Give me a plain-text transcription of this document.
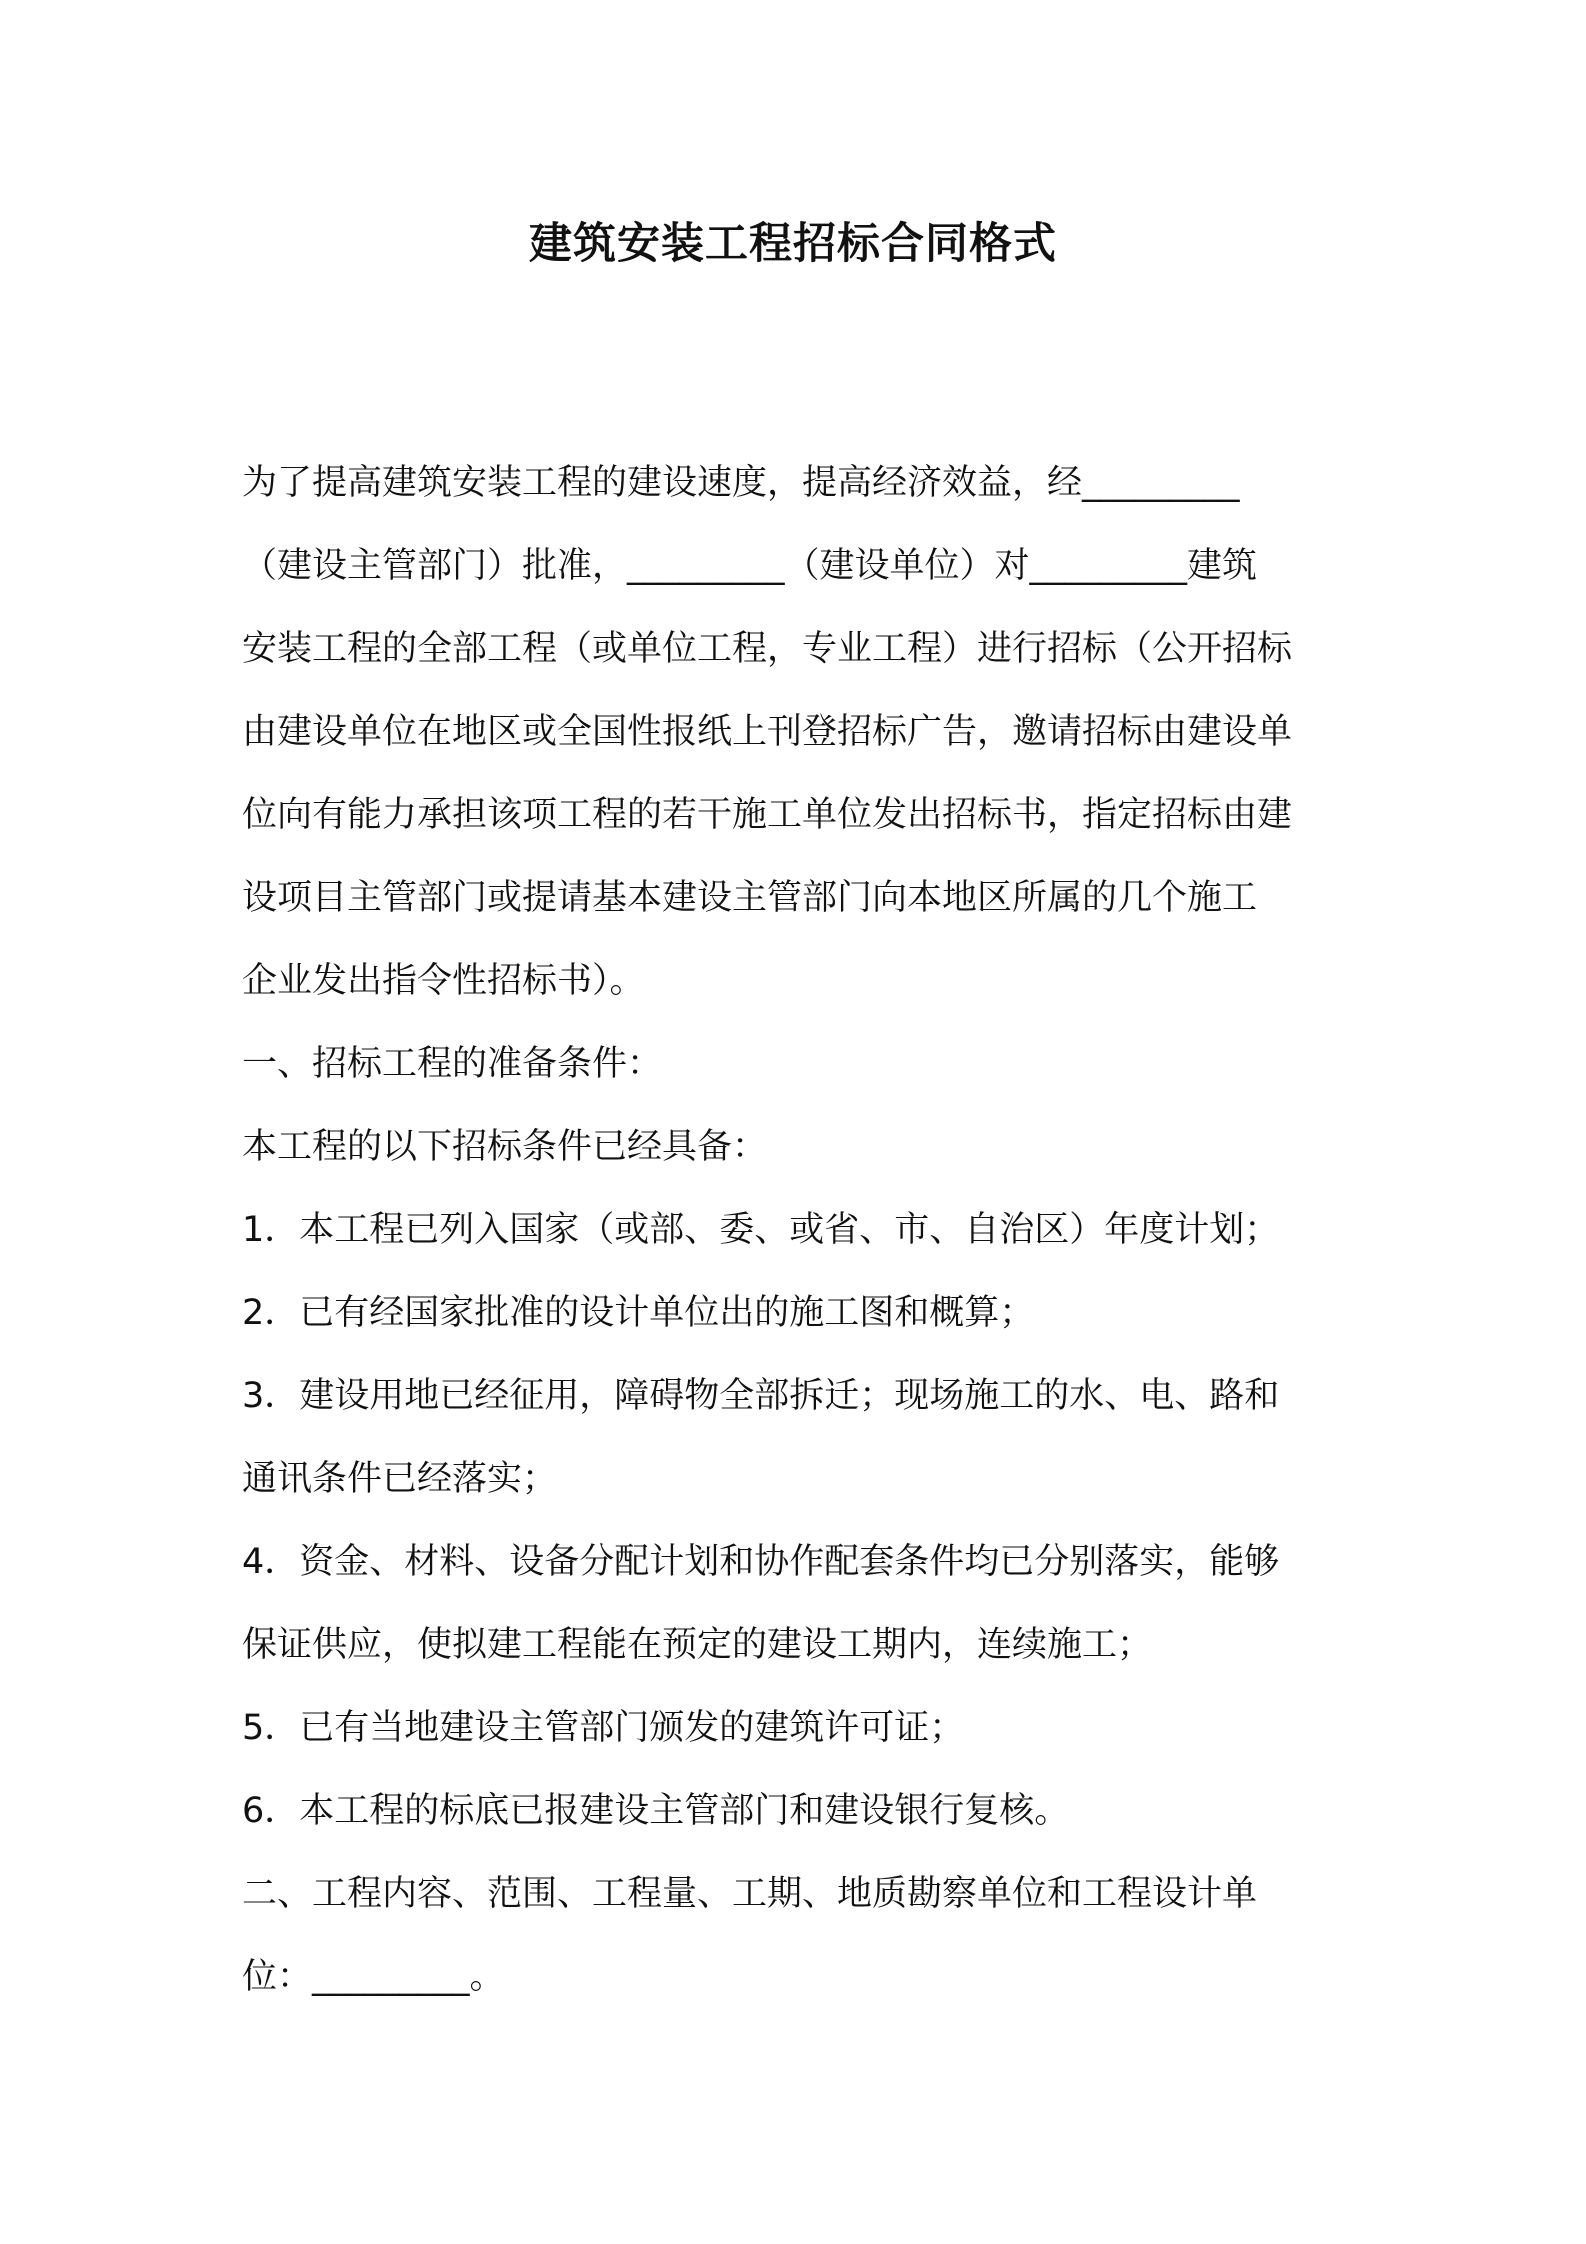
建筑安装工程招标合同格式
为了提高建筑安装工程的建设速度，提高经济效益，经_________
（建设主管部门）批准，_________（建设单位）对_________建筑
安装工程的全部工程（或单位工程，专业工程）进行招标（公开招标
由建设单位在地区或全国性报纸上刊登招标广告，邀请招标由建设单
位向有能力承担该项工程的若干施工单位发出招标书，指定招标由建
设项目主管部门或提请基本建设主管部门向本地区所属的几个施工
企业发出指令性招标书）。
一、招标工程的准备条件：
本工程的以下招标条件已经具备：
1．本工程已列入国家（或部、委、或省、市、自治区）年度计划；
2．已有经国家批准的设计单位出的施工图和概算；
3．建设用地已经征用，障碍物全部拆迁；现场施工的水、电、路和
通讯条件已经落实；
4．资金、材料、设备分配计划和协作配套条件均已分别落实，能够
保证供应，使拟建工程能在预定的建设工期内，连续施工；
5．已有当地建设主管部门颁发的建筑许可证；
6．本工程的标底已报建设主管部门和建设银行复核。
二、工程内容、范围、工程量、工期、地质勘察单位和工程设计单
位：_________。
